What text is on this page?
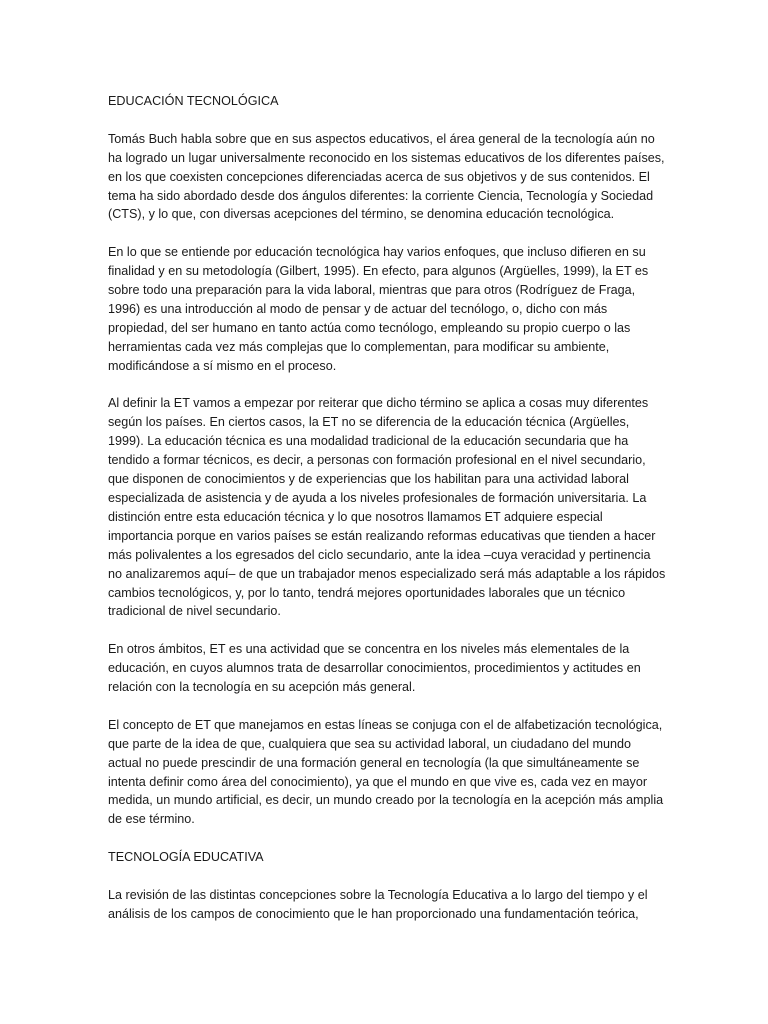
EDUCACIÓN TECNOLÓGICA

Tomás Buch habla sobre que en sus aspectos educativos, el área general de la tecnología aún no ha logrado un lugar universalmente reconocido en los sistemas educativos de los diferentes países, en los que coexisten concepciones diferenciadas acerca de sus objetivos y de sus contenidos. El tema ha sido abordado desde dos ángulos diferentes: la corriente Ciencia, Tecnología y Sociedad (CTS), y lo que, con diversas acepciones del término, se denomina educación tecnológica.

En lo que se entiende por educación tecnológica hay varios enfoques, que incluso difieren en su finalidad y en su metodología (Gilbert, 1995). En efecto, para algunos (Argüelles, 1999), la ET es sobre todo una preparación para la vida laboral, mientras que para otros (Rodríguez de Fraga, 1996) es una introducción al modo de pensar y de actuar del tecnólogo, o, dicho con más propiedad, del ser humano en tanto actúa como tecnólogo, empleando su propio cuerpo o las herramientas cada vez más complejas que lo complementan, para modificar su ambiente, modificándose a sí mismo en el proceso.

Al definir la ET vamos a empezar por reiterar que dicho término se aplica a cosas muy diferentes según los países. En ciertos casos, la ET no se diferencia de la educación técnica (Argüelles, 1999). La educación técnica es una modalidad tradicional de la educación secundaria que ha tendido a formar técnicos, es decir, a personas con formación profesional en el nivel secundario, que disponen de conocimientos y de experiencias que los habilitan para una actividad laboral especializada de asistencia y de ayuda a los niveles profesionales de formación universitaria. La distinción entre esta educación técnica y lo que nosotros llamamos ET adquiere especial importancia porque en varios países se están realizando reformas educativas que tienden a hacer más polivalentes a los egresados del ciclo secundario, ante la idea –cuya veracidad y pertinencia no analizaremos aquí– de que un trabajador menos especializado será más adaptable a los rápidos cambios tecnológicos, y, por lo tanto, tendrá mejores oportunidades laborales que un técnico tradicional de nivel secundario.

En otros ámbitos, ET es una actividad que se concentra en los niveles más elementales de la educación, en cuyos alumnos trata de desarrollar conocimientos, procedimientos y actitudes en relación con la tecnología en su acepción más general.

El concepto de ET que manejamos en estas líneas se conjuga con el de alfabetización tecnológica, que parte de la idea de que, cualquiera que sea su actividad laboral, un ciudadano del mundo actual no puede prescindir de una formación general en tecnología (la que simultáneamente se intenta definir como área del conocimiento), ya que el mundo en que vive es, cada vez en mayor medida, un mundo artificial, es decir, un mundo creado por la tecnología en la acepción más amplia de ese término.

TECNOLOGÍA EDUCATIVA

La revisión de las distintas concepciones sobre la Tecnología Educativa a lo largo del tiempo y el análisis de los campos de conocimiento que le han proporcionado una fundamentación teórica,
